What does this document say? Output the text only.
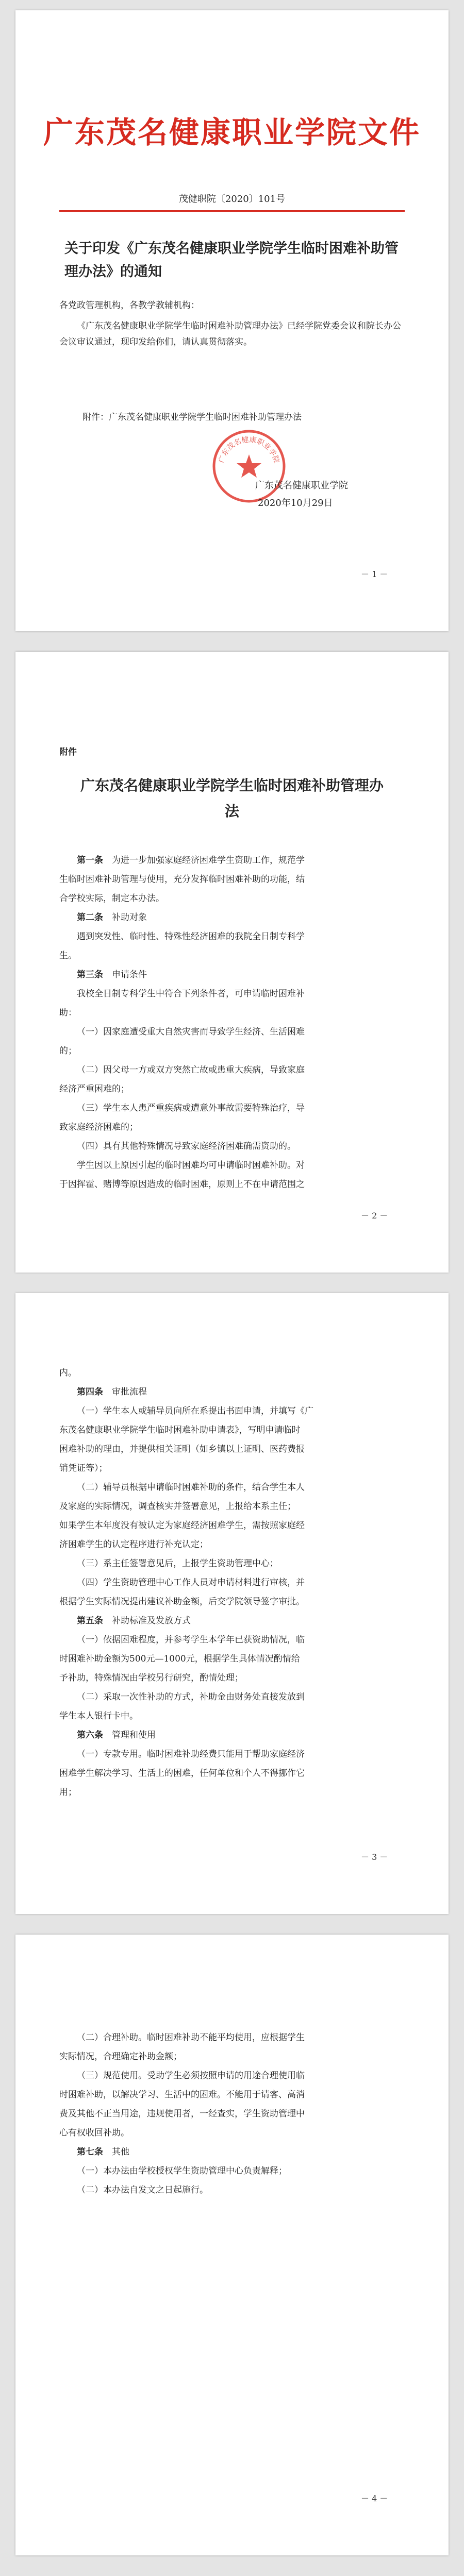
广东茂名健康职业学院文件
茂健职院〔2020〕101号
关于印发《广东茂名健康职业学院学生临时困难补助管理办法》的通知
各党政管理机构，各教学教辅机构：
《广东茂名健康职业学院学生临时困难补助管理办法》已经学院党委会议和院长办公会议审议通过，现印发给你们，请认真贯彻落实。
附件：广东茂名健康职业学院学生临时困难补助管理办法
广东茂名健康职业学院
广东茂名健康职业学院
2020年10月29日
－ 1 －
附件
广东茂名健康职业学院学生临时困难补助管理办法
第一条　 为进一步加强家庭经济困难学生资助工作，规范学
生临时困难补助管理与使用，充分发挥临时困难补助的功能，结
合学校实际，制定本办法。
第二条　 补助对象
遇到突发性、临时性、特殊性经济困难的我院全日制专科学
生。
第三条　 申请条件
我校全日制专科学生中符合下列条件者，可申请临时困难补
助：
（一）因家庭遭受重大自然灾害而导致学生经济、生活困难
的；
（二）因父母一方或双方突然亡故或患重大疾病，导致家庭
经济严重困难的；
（三）学生本人患严重疾病或遭意外事故需要特殊治疗，导
致家庭经济困难的；
（四）具有其他特殊情况导致家庭经济困难确需资助的。
学生因以上原因引起的临时困难均可申请临时困难补助。对
于因挥霍、赌博等原因造成的临时困难，原则上不在申请范围之
－ 2 －
内。
第四条　 审批流程
（一）学生本人或辅导员向所在系提出书面申请，并填写《广
东茂名健康职业学院学生临时困难补助申请表》，写明申请临时
困难补助的理由，并提供相关证明（如乡镇以上证明、医药费报
销凭证等）；
（二）辅导员根据申请临时困难补助的条件，结合学生本人
及家庭的实际情况，调查核实并签署意见，上报给本系主任；
如果学生本年度没有被认定为家庭经济困难学生，需按照家庭经
济困难学生的认定程序进行补充认定；
（三）系主任签署意见后，上报学生资助管理中心；
（四）学生资助管理中心工作人员对申请材料进行审核，并
根据学生实际情况提出建议补助金额，后交学院领导签字审批。
第五条　 补助标准及发放方式
（一）依据困难程度，并参考学生本学年已获资助情况，临
时困难补助金额为500元—1000元，根据学生具体情况酌情给
予补助，特殊情况由学校另行研究，酌情处理；
（二）采取一次性补助的方式，补助金由财务处直接发放到
学生本人银行卡中。
第六条　 管理和使用
（一）专款专用。临时困难补助经费只能用于帮助家庭经济
困难学生解决学习、生活上的困难，任何单位和个人不得挪作它
用；
－ 3 －
（二）合理补助。临时困难补助不能平均使用，应根据学生
实际情况，合理确定补助金额；
（三）规范使用。受助学生必须按照申请的用途合理使用临
时困难补助，以解决学习、生活中的困难。不能用于请客、高消
费及其他不正当用途，违规使用者，一经查实，学生资助管理中
心有权收回补助。
第七条　 其他
（一）本办法由学校授权学生资助管理中心负责解释；
（二）本办法自发文之日起施行。
－ 4 －
